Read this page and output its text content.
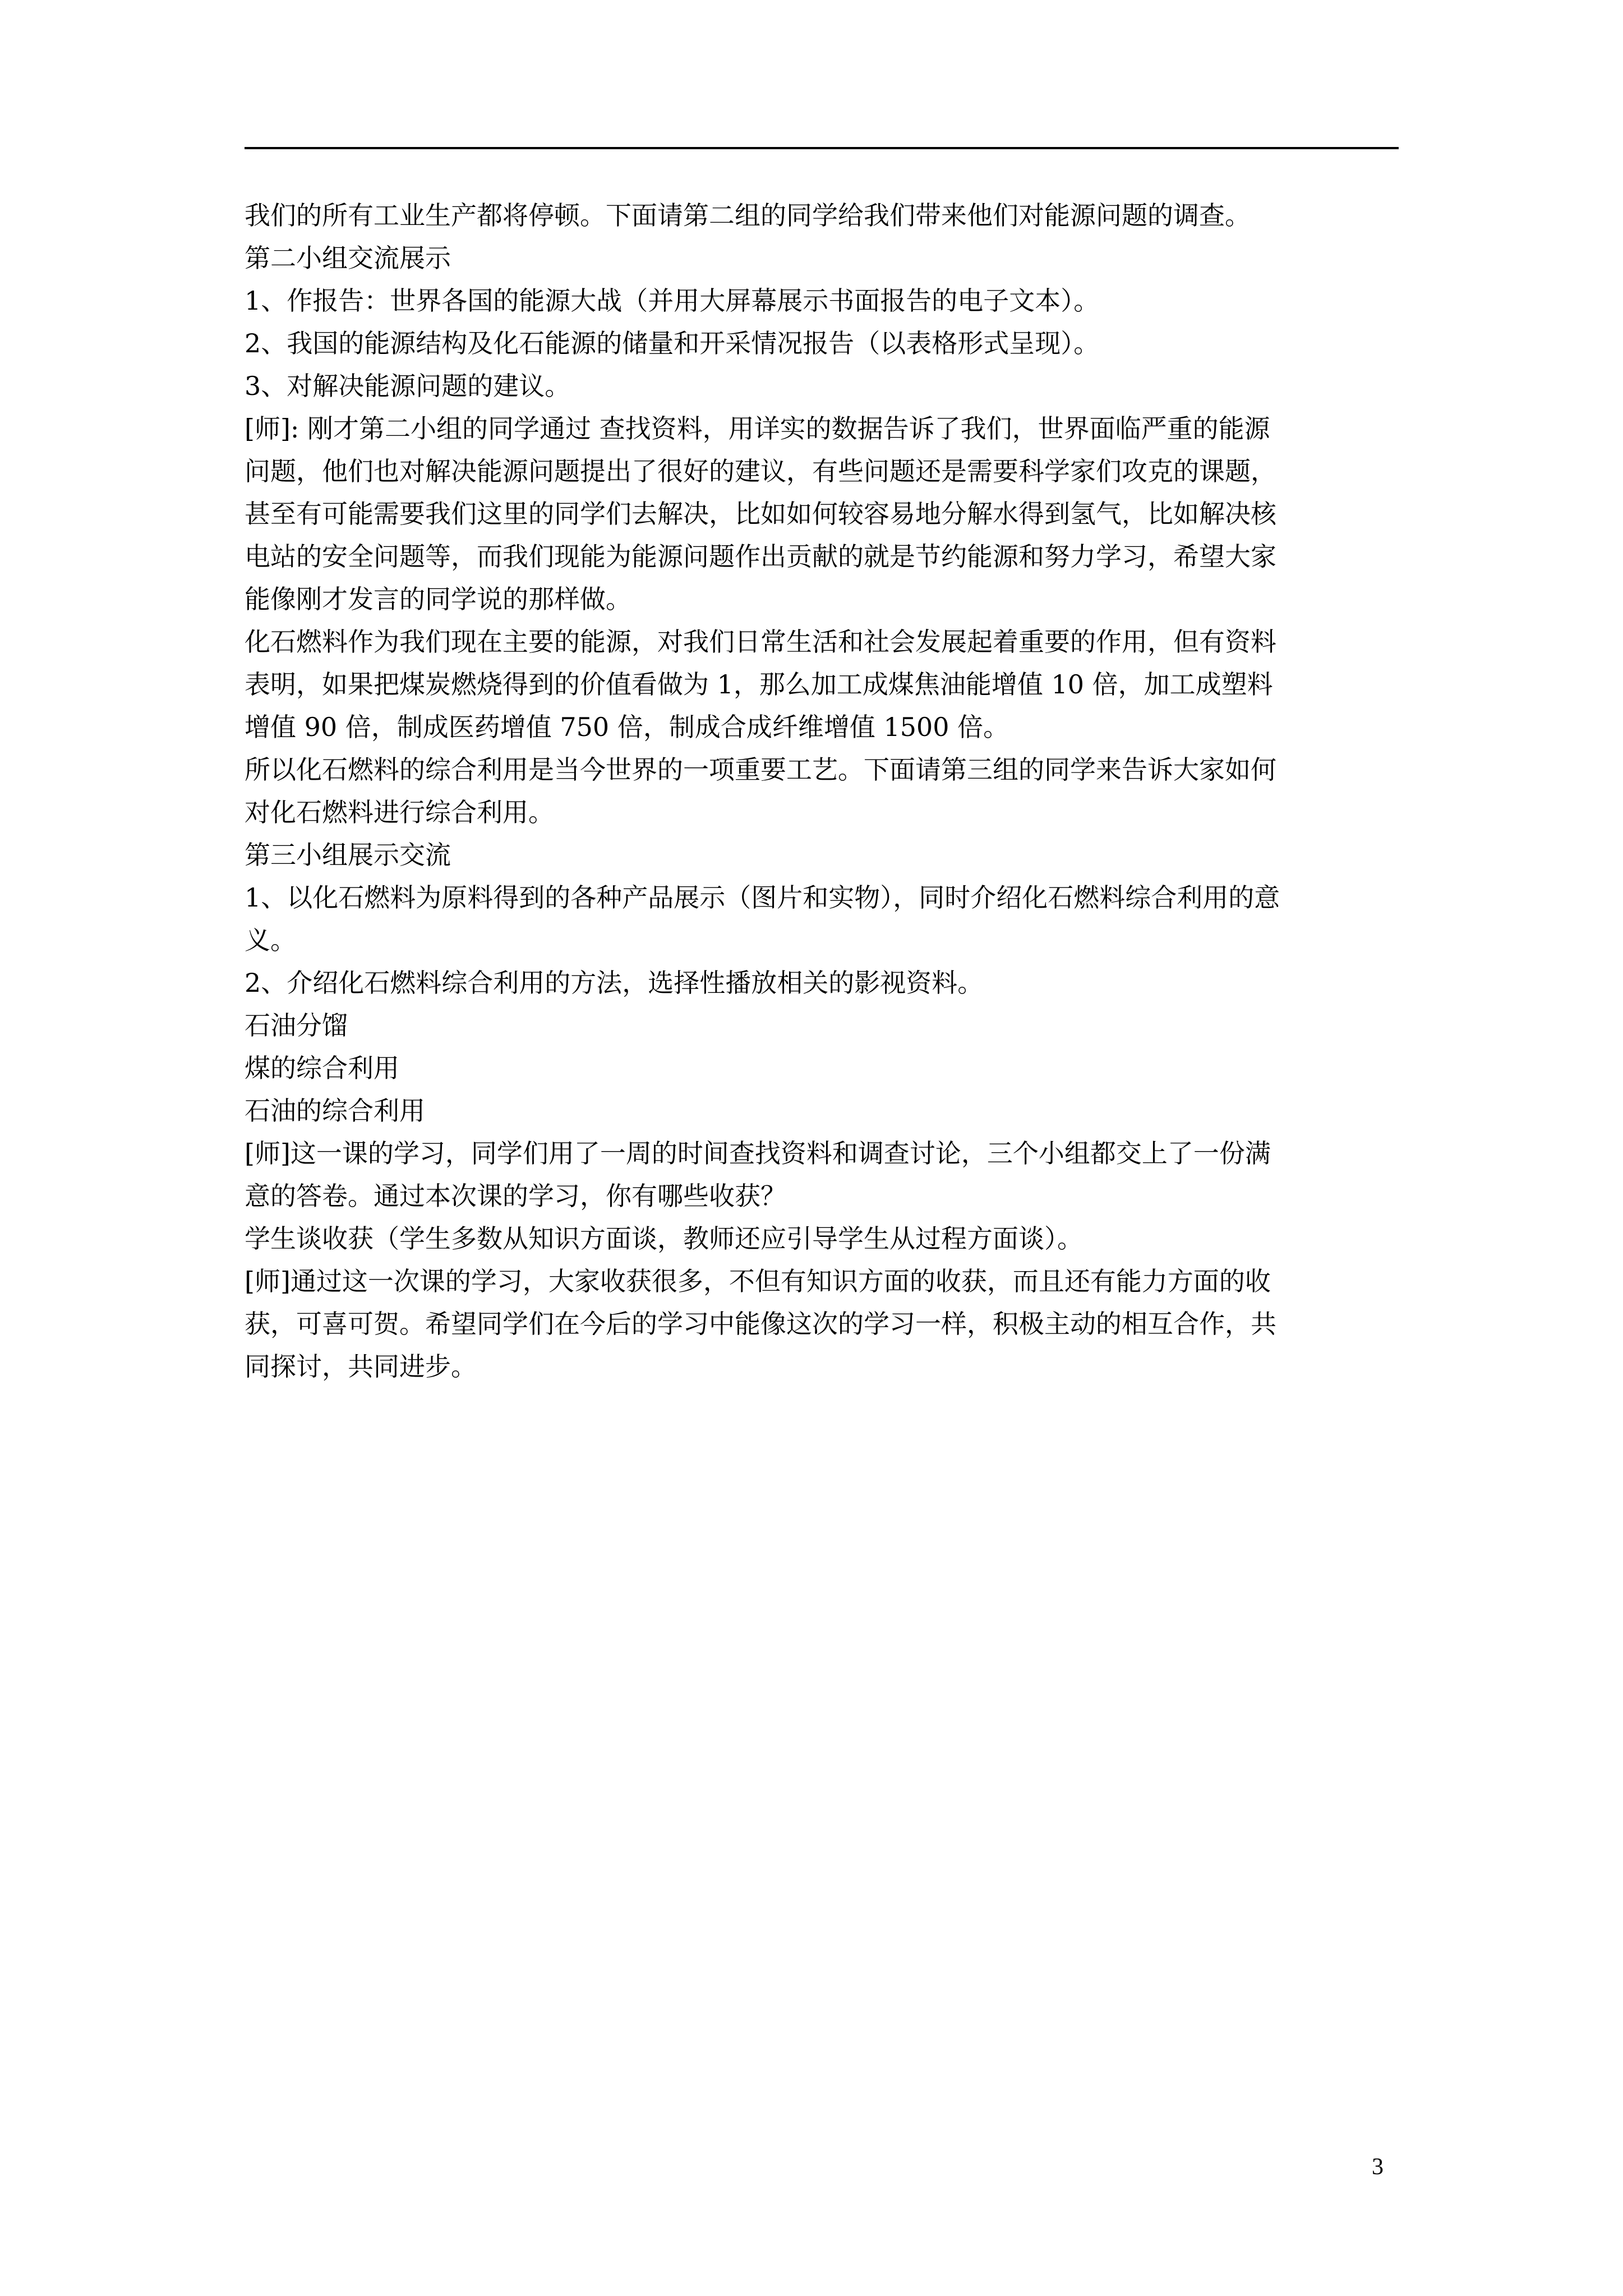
我们的所有工业生产都将停顿。下面请第二组的同学给我们带来他们对能源问题的调查。

第二小组交流展示

1、作报告：世界各国的能源大战（并用大屏幕展示书面报告的电子文本）。

2、我国的能源结构及化石能源的储量和开采情况报告（以表格形式呈现）。

3、对解决能源问题的建议。

[师]: 刚才第二小组的同学通过 查找资料，用详实的数据告诉了我们，世界面临严重的能源

问题，他们也对解决能源问题提出了很好的建议，有些问题还是需要科学家们攻克的课题，

甚至有可能需要我们这里的同学们去解决，比如如何较容易地分解水得到氢气，比如解决核

电站的安全问题等，而我们现能为能源问题作出贡献的就是节约能源和努力学习，希望大家

能像刚才发言的同学说的那样做。

化石燃料作为我们现在主要的能源，对我们日常生活和社会发展起着重要的作用，但有资料

表明，如果把煤炭燃烧得到的价值看做为 1，那么加工成煤焦油能增值 10 倍，加工成塑料

增值 90 倍，制成医药增值 750 倍，制成合成纤维增值 1500 倍。

所以化石燃料的综合利用是当今世界的一项重要工艺。下面请第三组的同学来告诉大家如何

对化石燃料进行综合利用。

第三小组展示交流

1、以化石燃料为原料得到的各种产品展示（图片和实物），同时介绍化石燃料综合利用的意

义。

2、介绍化石燃料综合利用的方法，选择性播放相关的影视资料。

石油分馏

煤的综合利用

石油的综合利用

[师]这一课的学习，同学们用了一周的时间查找资料和调查讨论，三个小组都交上了一份满

意的答卷。通过本次课的学习，你有哪些收获？

学生谈收获（学生多数从知识方面谈，教师还应引导学生从过程方面谈）。

[师]通过这一次课的学习，大家收获很多，不但有知识方面的收获，而且还有能力方面的收

获，可喜可贺。希望同学们在今后的学习中能像这次的学习一样，积极主动的相互合作，共

同探讨，共同进步。

3
